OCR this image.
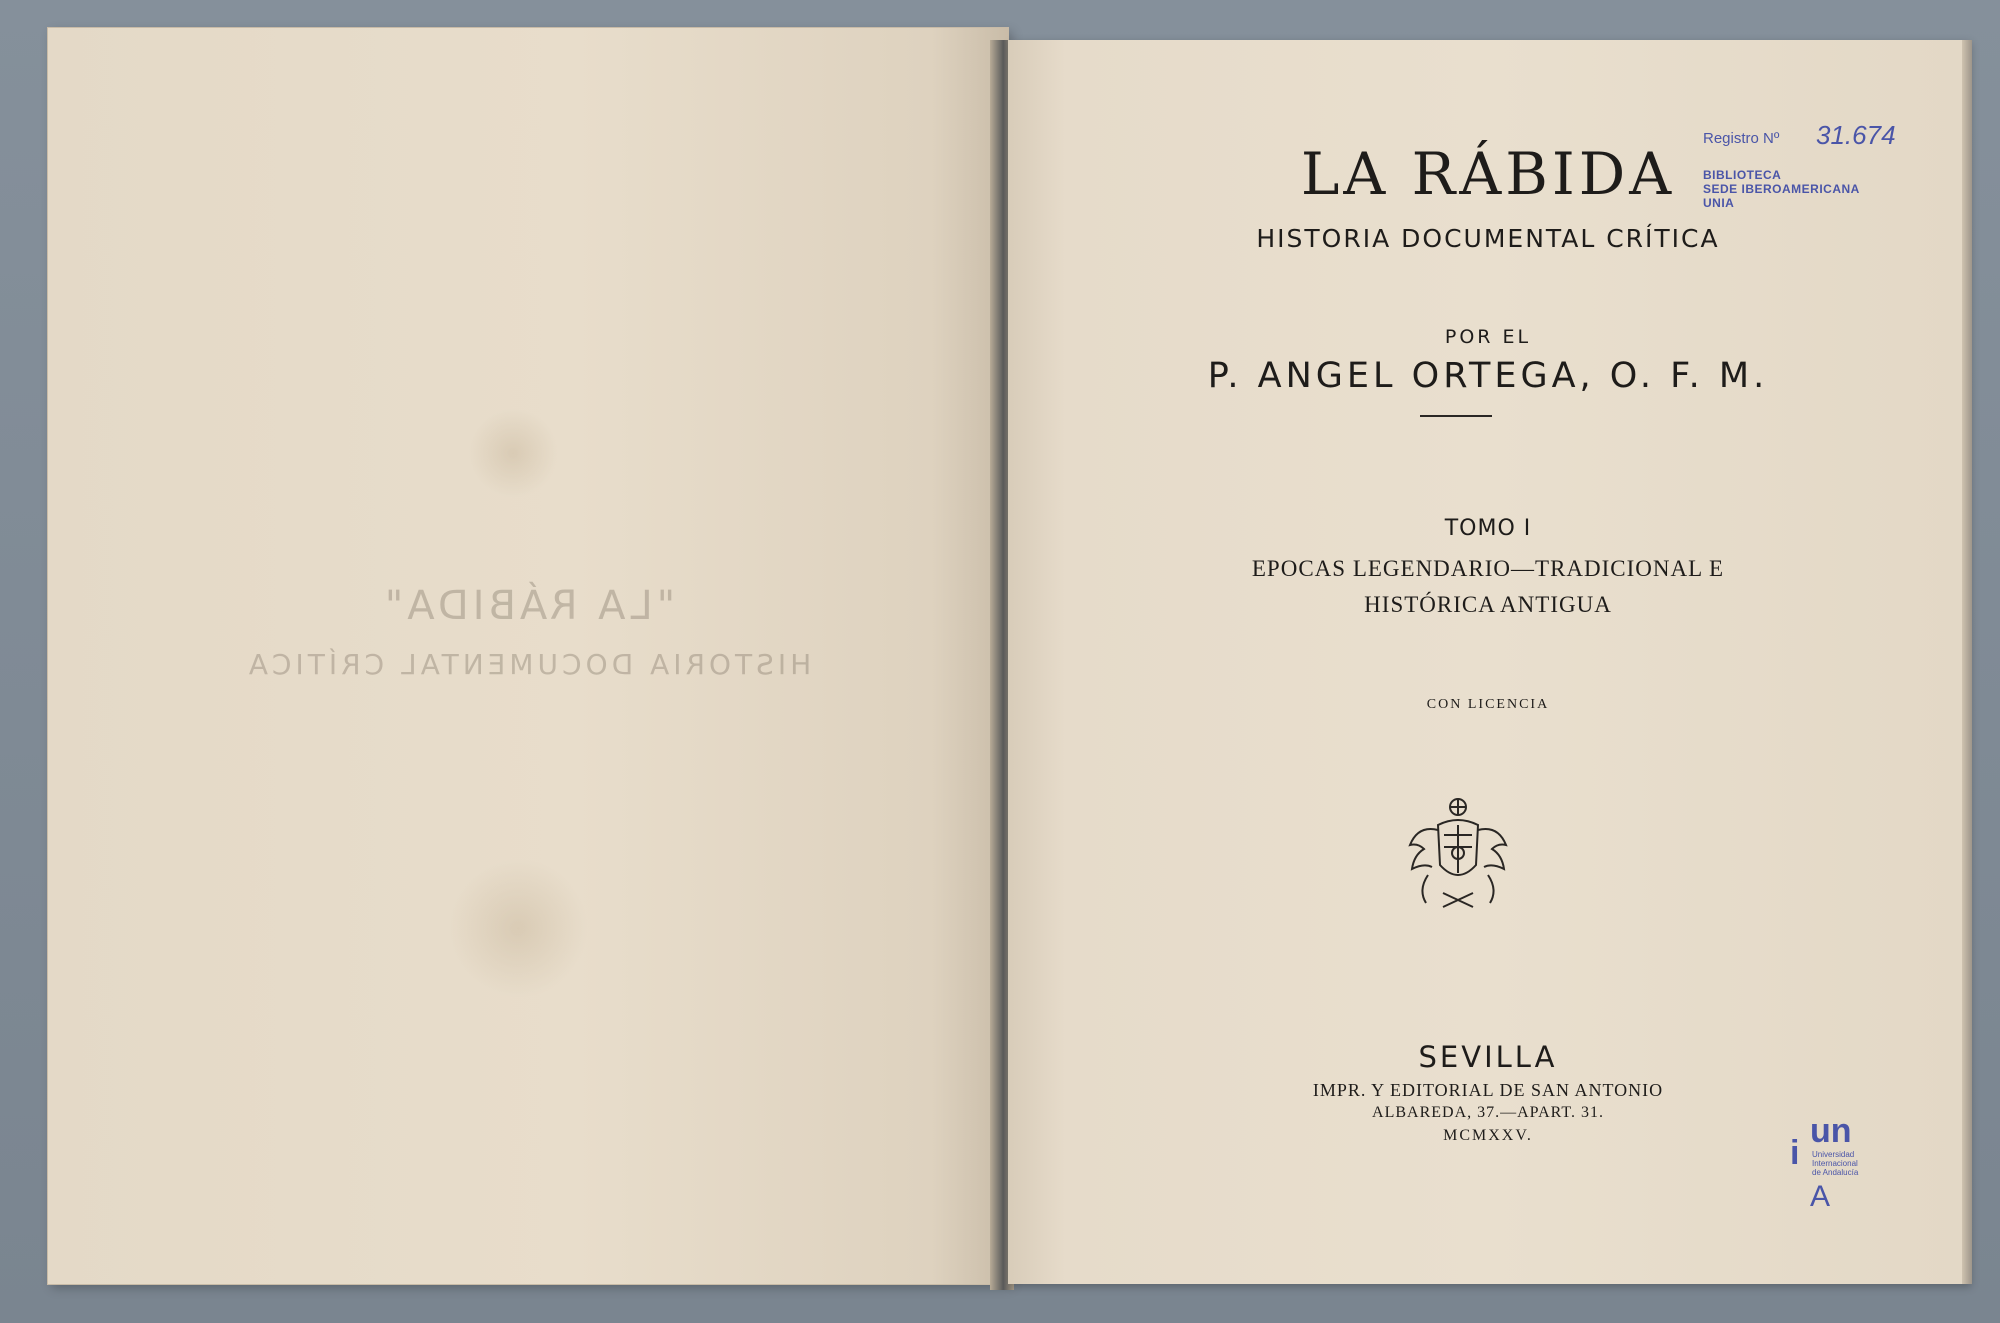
"LA RÁBIDA"
HISTORIA DOCUMENTAL CRÍTICA
LA RÁBIDA
HISTORIA DOCUMENTAL CRÍTICA
POR EL
P. ANGEL ORTEGA, O. F. M.
TOMO I
EPOCAS LEGENDARIO—TRADICIONAL E
HISTÓRICA ANTIGUA
CON LICENCIA
SEVILLA
IMPR. Y EDITORIAL DE SAN ANTONIO
ALBAREDA, 37.—APART. 31.
MCMXXV.
Registro Nº 31.674
BIBLIOTECA
SEDE IBEROAMERICANA
UNIA
un
i Universidad
Internacional
de Andalucía
A
